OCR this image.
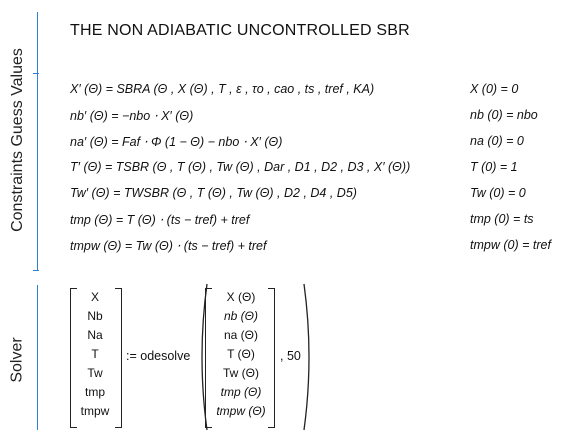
Constraints Guess Values
Solver
THE NON ADIABATIC UNCONTROLLED SBR
X′ (Θ) = SBRA (Θ , X (Θ) , T , ε , τo , cao , ts , tref , KA)	X (0) = 0
nb′ (Θ) = −nbo ⋅ X′ (Θ)	nb (0) = nbo
na′ (Θ) = Faf ⋅ Φ (1 − Θ) − nbo ⋅ X′ (Θ)	na (0) = 0
T′ (Θ) = TSBR (Θ , T (Θ) , Tw (Θ) , Dar , D1 , D2 , D3 , X′ (Θ))	T (0) = 1
Tw′ (Θ) = TWSBR (Θ , T (Θ) , Tw (Θ) , D2 , D4 , D5)	Tw (0) = 0
tmp (Θ) = T (Θ) ⋅ (ts − tref) + tref	tmp (0) = ts
tmpw (Θ) = Tw (Θ) ⋅ (ts − tref) + tref	tmpw (0) = tref
X
Nb
Na
T
Tw
tmp
tmpw
:= odesolve
X (Θ)
nb (Θ)
na (Θ)
T (Θ)
Tw (Θ)
tmp (Θ)
tmpw (Θ)
, 50
